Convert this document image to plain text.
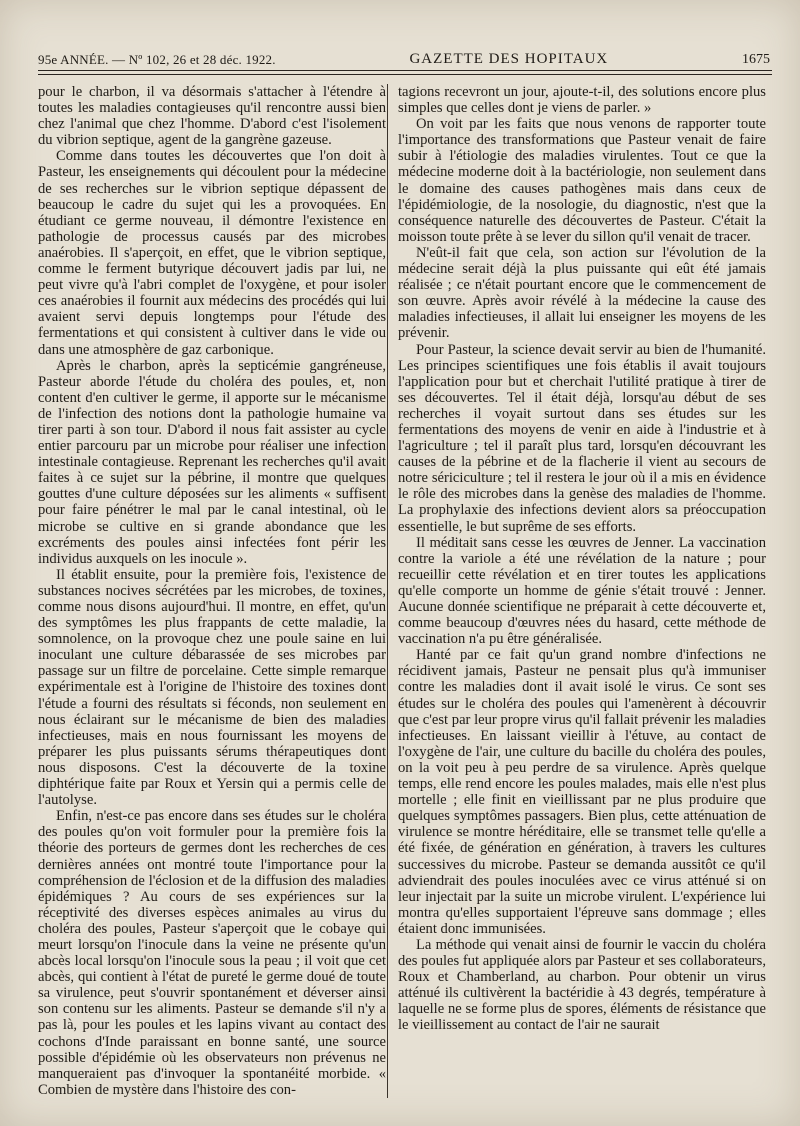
95e ANNÉE. — Nº 102, 26 et 28 déc. 1922.	GAZETTE DES HOPITAUX	1675

pour le charbon, il va désormais s'attacher à l'étendre à toutes les maladies contagieuses qu'il rencontre aussi bien chez l'animal que chez l'homme. D'abord c'est l'isolement du vibrion septique, agent de la gangrène gazeuse.

Comme dans toutes les découvertes que l'on doit à Pasteur, les enseignements qui découlent pour la médecine de ses recherches sur le vibrion septique dépassent de beaucoup le cadre du sujet qui les a provoquées. En étudiant ce germe nouveau, il démontre l'existence en pathologie de processus causés par des microbes anaérobies. Il s'aperçoit, en effet, que le vibrion septique, comme le ferment butyrique découvert jadis par lui, ne peut vivre qu'à l'abri complet de l'oxygène, et pour isoler ces anaérobies il fournit aux médecins des procédés qui lui avaient servi depuis longtemps pour l'étude des fermentations et qui consistent à cultiver dans le vide ou dans une atmosphère de gaz carbonique.

Après le charbon, après la septicémie gangréneuse, Pasteur aborde l'étude du choléra des poules, et, non content d'en cultiver le germe, il apporte sur le mécanisme de l'infection des notions dont la pathologie humaine va tirer parti à son tour. D'abord il nous fait assister au cycle entier parcouru par un microbe pour réaliser une infection intestinale contagieuse. Reprenant les recherches qu'il avait faites à ce sujet sur la pébrine, il montre que quelques gouttes d'une culture déposées sur les aliments « suffisent pour faire pénétrer le mal par le canal intestinal, où le microbe se cultive en si grande abondance que les excréments des poules ainsi infectées font périr les individus auxquels on les inocule ».

Il établit ensuite, pour la première fois, l'existence de substances nocives sécrétées par les microbes, de toxines, comme nous disons aujourd'hui. Il montre, en effet, qu'un des symptômes les plus frappants de cette maladie, la somnolence, on la provoque chez une poule saine en lui inoculant une culture débarassée de ses microbes par passage sur un filtre de porcelaine. Cette simple remarque expérimentale est à l'origine de l'histoire des toxines dont l'étude a fourni des résultats si féconds, non seulement en nous éclairant sur le mécanisme de bien des maladies infectieuses, mais en nous fournissant les moyens de préparer les plus puissants sérums thérapeutiques dont nous disposons. C'est la découverte de la toxine diphtérique faite par Roux et Yersin qui a permis celle de l'autolyse.

Enfin, n'est-ce pas encore dans ses études sur le choléra des poules qu'on voit formuler pour la première fois la théorie des porteurs de germes dont les recherches de ces dernières années ont montré toute l'importance pour la compréhension de l'éclosion et de la diffusion des maladies épidémiques ? Au cours de ses expériences sur la réceptivité des diverses espèces animales au virus du choléra des poules, Pasteur s'aperçoit que le cobaye qui meurt lorsqu'on l'inocule dans la veine ne présente qu'un abcès local lorsqu'on l'inocule sous la peau ; il voit que cet abcès, qui contient à l'état de pureté le germe doué de toute sa virulence, peut s'ouvrir spontanément et déverser ainsi son contenu sur les aliments. Pasteur se demande s'il n'y a pas là, pour les poules et les lapins vivant au contact des cochons d'Inde paraissant en bonne santé, une source possible d'épidémie où les observateurs non prévenus ne manqueraient pas d'invoquer la spontanéité morbide. « Combien de mystère dans l'histoire des con-

tagions recevront un jour, ajoute-t-il, des solutions encore plus simples que celles dont je viens de parler. »

On voit par les faits que nous venons de rapporter toute l'importance des transformations que Pasteur venait de faire subir à l'étiologie des maladies virulentes. Tout ce que la médecine moderne doit à la bactériologie, non seulement dans le domaine des causes pathogènes mais dans ceux de l'épidémiologie, de la nosologie, du diagnostic, n'est que la conséquence naturelle des découvertes de Pasteur. C'était la moisson toute prête à se lever du sillon qu'il venait de tracer.

N'eût-il fait que cela, son action sur l'évolution de la médecine serait déjà la plus puissante qui eût été jamais réalisée ; ce n'était pourtant encore que le commencement de son œuvre. Après avoir révélé à la médecine la cause des maladies infectieuses, il allait lui enseigner les moyens de les prévenir.

Pour Pasteur, la science devait servir au bien de l'humanité. Les principes scientifiques une fois établis il avait toujours l'application pour but et cherchait l'utilité pratique à tirer de ses découvertes. Tel il était déjà, lorsqu'au début de ses recherches il voyait surtout dans ses études sur les fermentations des moyens de venir en aide à l'industrie et à l'agriculture ; tel il paraît plus tard, lorsqu'en découvrant les causes de la pébrine et de la flacherie il vient au secours de notre sériciculture ; tel il restera le jour où il a mis en évidence le rôle des microbes dans la genèse des maladies de l'homme. La prophylaxie des infections devient alors sa préoccupation essentielle, le but suprême de ses efforts.

Il méditait sans cesse les œuvres de Jenner. La vaccination contre la variole a été une révélation de la nature ; pour recueillir cette révélation et en tirer toutes les applications qu'elle comporte un homme de génie s'était trouvé : Jenner. Aucune donnée scientifique ne préparait à cette découverte et, comme beaucoup d'œuvres nées du hasard, cette méthode de vaccination n'a pu être généralisée.

Hanté par ce fait qu'un grand nombre d'infections ne récidivent jamais, Pasteur ne pensait plus qu'à immuniser contre les maladies dont il avait isolé le virus. Ce sont ses études sur le choléra des poules qui l'amenèrent à découvrir que c'est par leur propre virus qu'il fallait prévenir les maladies infectieuses. En laissant vieillir à l'étuve, au contact de l'oxygène de l'air, une culture du bacille du choléra des poules, on la voit peu à peu perdre de sa virulence. Après quelque temps, elle rend encore les poules malades, mais elle n'est plus mortelle ; elle finit en vieillissant par ne plus produire que quelques symptômes passagers. Bien plus, cette atténuation de virulence se montre héréditaire, elle se transmet telle qu'elle a été fixée, de génération en génération, à travers les cultures successives du microbe. Pasteur se demanda aussitôt ce qu'il adviendrait des poules inoculées avec ce virus atténué si on leur injectait par la suite un microbe virulent. L'expérience lui montra qu'elles supportaient l'épreuve sans dommage ; elles étaient donc immunisées.

La méthode qui venait ainsi de fournir le vaccin du choléra des poules fut appliquée alors par Pasteur et ses collaborateurs, Roux et Chamberland, au charbon. Pour obtenir un virus atténué ils cultivèrent la bactéridie à 43 degrés, température à laquelle ne se forme plus de spores, éléments de résistance que le vieillissement au contact de l'air ne saurait
